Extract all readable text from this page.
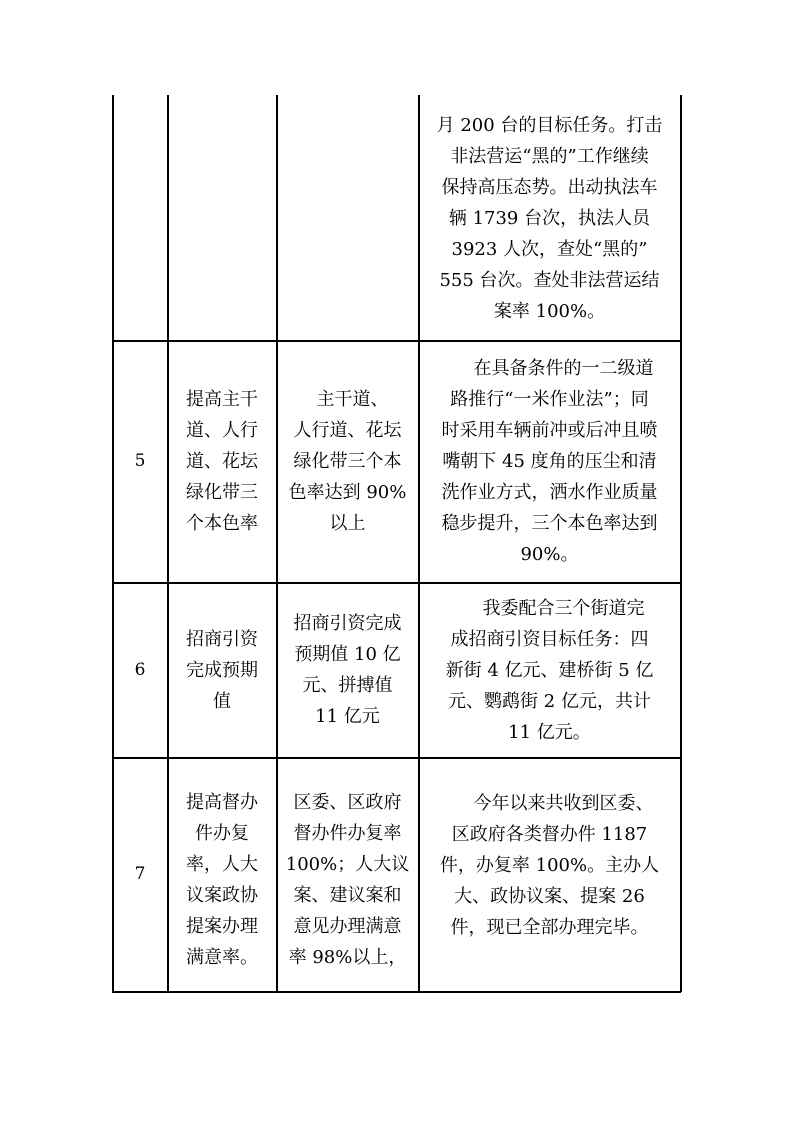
月 200 台的目标任务。打击
非法营运“黑的”工作继续
保持高压态势。出动执法车
辆 1739 台次，执法人员
3923 人次，查处“黑的”
555 台次。查处非法营运结
案率 100%。
5
提高主干
道、人行
道、花坛
绿化带三
个本色率
主干道、
人行道、花坛
绿化带三个本
色率达到 90%
以上
在具备条件的一二级道
路推行“一米作业法”；同
时采用车辆前冲或后冲且喷
嘴朝下 45 度角的压尘和清
洗作业方式，洒水作业质量
稳步提升，三个本色率达到
90%。
6
招商引资
完成预期
值
招商引资完成
预期值 10 亿
元、拼搏值
11 亿元
我委配合三个街道完
成招商引资目标任务：四
新街 4 亿元、建桥街 5 亿
元、鹦鹉街 2 亿元，共计
11 亿元。
7
提高督办
件办复
率，人大
议案政协
提案办理
满意率。
区委、区政府
督办件办复率
100%；人大议
案、建议案和
意见办理满意
率 98%以上，
今年以来共收到区委、
区政府各类督办件 1187
件，办复率 100%。主办人
大、政协议案、提案 26
件，现已全部办理完毕。
